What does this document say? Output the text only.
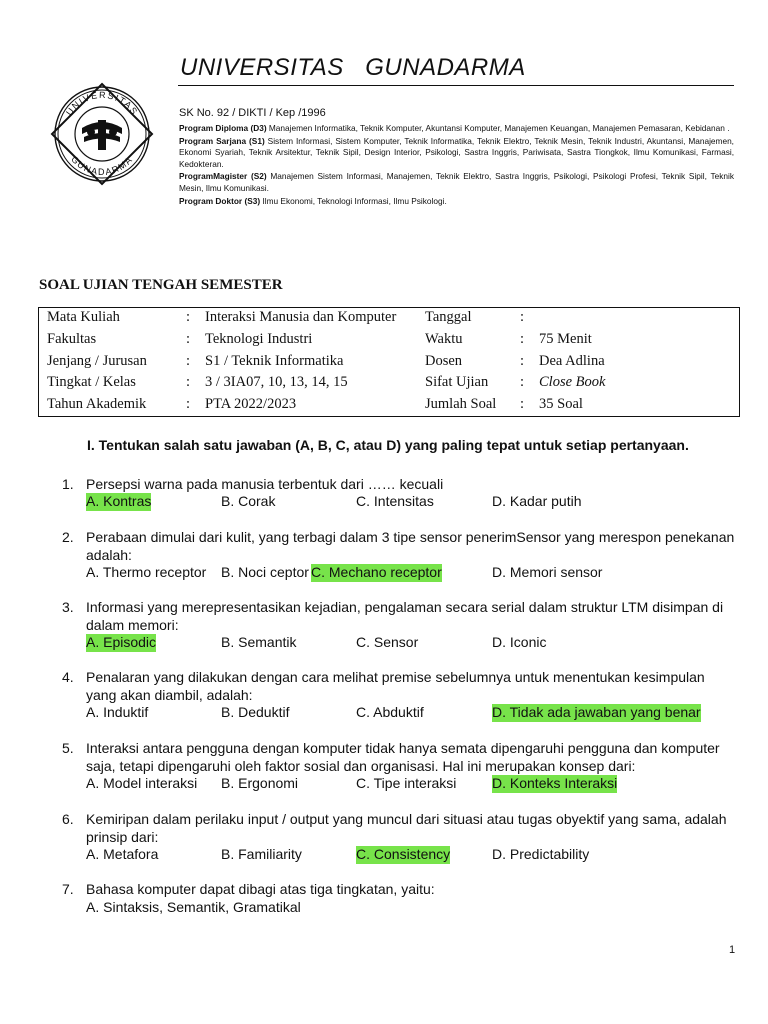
UNIVERSITAS   GUNADARMA
UNIVERSITAS
GUNADARMA
SK No. 92 / DIKTI / Kep /1996
Program Diploma (D3) Manajemen Informatika, Teknik Komputer, Akuntansi Komputer, Manajemen Keuangan, Manajemen Pemasaran, Kebidanan .
Program Sarjana (S1) Sistem Informasi, Sistem Komputer, Teknik Informatika, Teknik Elektro, Teknik Mesin, Teknik Industri, Akuntansi, Manajemen, Ekonomi Syariah, Teknik Arsitektur, Teknik Sipil, Design Interior, Psikologi, Sastra Inggris, Pariwisata, Sastra Tiongkok, Ilmu Komunikasi, Farmasi, Kedokteran.
ProgramMagister (S2) Manajemen Sistem Informasi, Manajemen, Teknik Elektro, Sastra Inggris, Psikologi, Psikologi Profesi, Teknik Sipil, Teknik Mesin, Ilmu Komunikasi.
Program Doktor (S3) Ilmu Ekonomi, Teknologi Informasi, Ilmu Psikologi.
SOAL UJIAN TENGAH SEMESTER
Mata Kuliah	: Interaksi Manusia dan Komputer Tanggal	:
Fakultas	: Teknologi Industri	Waktu	: 75 Menit
Jenjang / Jurusan	: S1 / Teknik Informatika	Dosen	: Dea Adlina
Tingkat / Kelas	: 3 / 3IA07, 10, 13, 14, 15	Sifat Ujian : Close Book
Tahun Akademik	: PTA 2022/2023	Jumlah Soal : 35 Soal
I. Tentukan salah satu jawaban (A, B, C, atau D) yang paling tepat untuk setiap pertanyaan.
1. Persepsi warna pada manusia terbentuk dari …… kecuali
A. Kontras	B. Corak	C. Intensitas	D. Kadar putih
2. Perabaan dimulai dari kulit, yang terbagi dalam 3 tipe sensor penerimSensor yang merespon penekanan adalah:
A. Thermo receptor B. Noci ceptor C. Mechano receptor	D. Memori sensor
3. Informasi yang merepresentasikan kejadian, pengalaman secara serial dalam struktur LTM disimpan di dalam memori:
A. Episodic	B. Semantik	C. Sensor	D. Iconic
4. Penalaran yang dilakukan dengan cara melihat premise sebelumnya untuk menentukan kesimpulan yang akan diambil, adalah:
A. Induktif	B. Deduktif	C. Abduktif	D. Tidak ada jawaban yang benar
5. Interaksi antara pengguna dengan komputer tidak hanya semata dipengaruhi pengguna dan komputer saja, tetapi dipengaruhi oleh faktor sosial dan organisasi. Hal ini merupakan konsep dari:
A. Model interaksi B. Ergonomi	C. Tipe interaksi	D. Konteks Interaksi
6. Kemiripan dalam perilaku input / output yang muncul dari situasi atau tugas obyektif yang sama, adalah prinsip dari:
A. Metafora	B. Familiarity	C. Consistency	D. Predictability
7. Bahasa komputer dapat dibagi atas tiga tingkatan, yaitu:
A. Sintaksis, Semantik, Gramatikal
1
